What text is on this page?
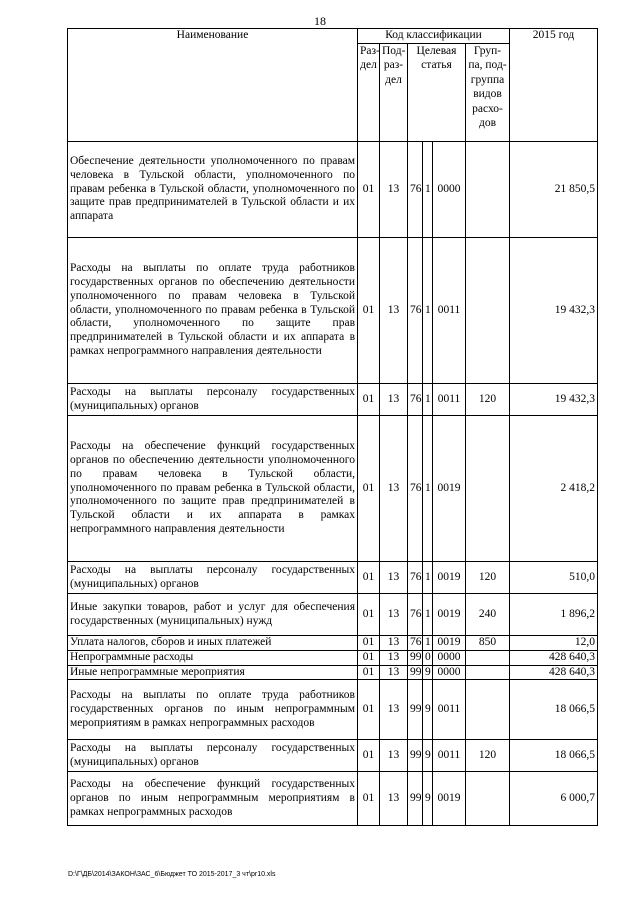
18
Наименование	Код классификации						2015 год
	Раз-дел	Под-раз-дел	Целевая статья			Груп-па, под-группа видов расхо-дов	
Обеспечение деятельности уполномоченного по правам человека в Тульской области, уполномоченного по правам ребенка в Тульской области, уполномоченного по защите прав предпринимателей в Тульской области и их аппарата	01	13	76	1	0000		21 850,5
Расходы на выплаты по оплате труда работников государственных органов по обеспечению деятельности уполномоченного по правам человека в Тульской области, уполномоченного по правам ребенка в Тульской области, уполномоченного по защите прав предпринимателей в Тульской области и их аппарата в рамках непрограммного направления деятельности	01	13	76	1	0011		19 432,3
Расходы на выплаты персоналу государственных (муниципальных) органов	01	13	76	1	0011	120	19 432,3
Расходы на обеспечение функций государственных органов по обеспечению деятельности уполномоченного по правам человека в Тульской области, уполномоченного по правам ребенка в Тульской области, уполномоченного по защите прав предпринимателей в Тульской области и их аппарата в рамках непрограммного направления деятельности	01	13	76	1	0019		2 418,2
Расходы на выплаты персоналу государственных (муниципальных) органов	01	13	76	1	0019	120	510,0
Иные закупки товаров, работ и услуг для обеспечения государственных (муниципальных) нужд	01	13	76	1	0019	240	1 896,2
Уплата налогов, сборов и иных платежей	01	13	76	1	0019	850	12,0
Непрограммные расходы	01	13	99	0	0000		428 640,3
Иные непрограммные мероприятия	01	13	99	9	0000		428 640,3
Расходы на выплаты по оплате труда работников государственных органов по иным непрограммным мероприятиям в рамках непрограммных расходов	01	13	99	9	0011		18 066,5
Расходы на выплаты персоналу государственных (муниципальных) органов	01	13	99	9	0011	120	18 066,5
Расходы на обеспечение функций государственных органов по иным непрограммным мероприятиям в рамках непрограммных расходов	01	13	99	9	0019		6 000,7
D:\Г\ДБ\2014\ЗАКОН\ЗАС_6\Бюджет ТО 2015-2017_3 чт\pr10.xls
